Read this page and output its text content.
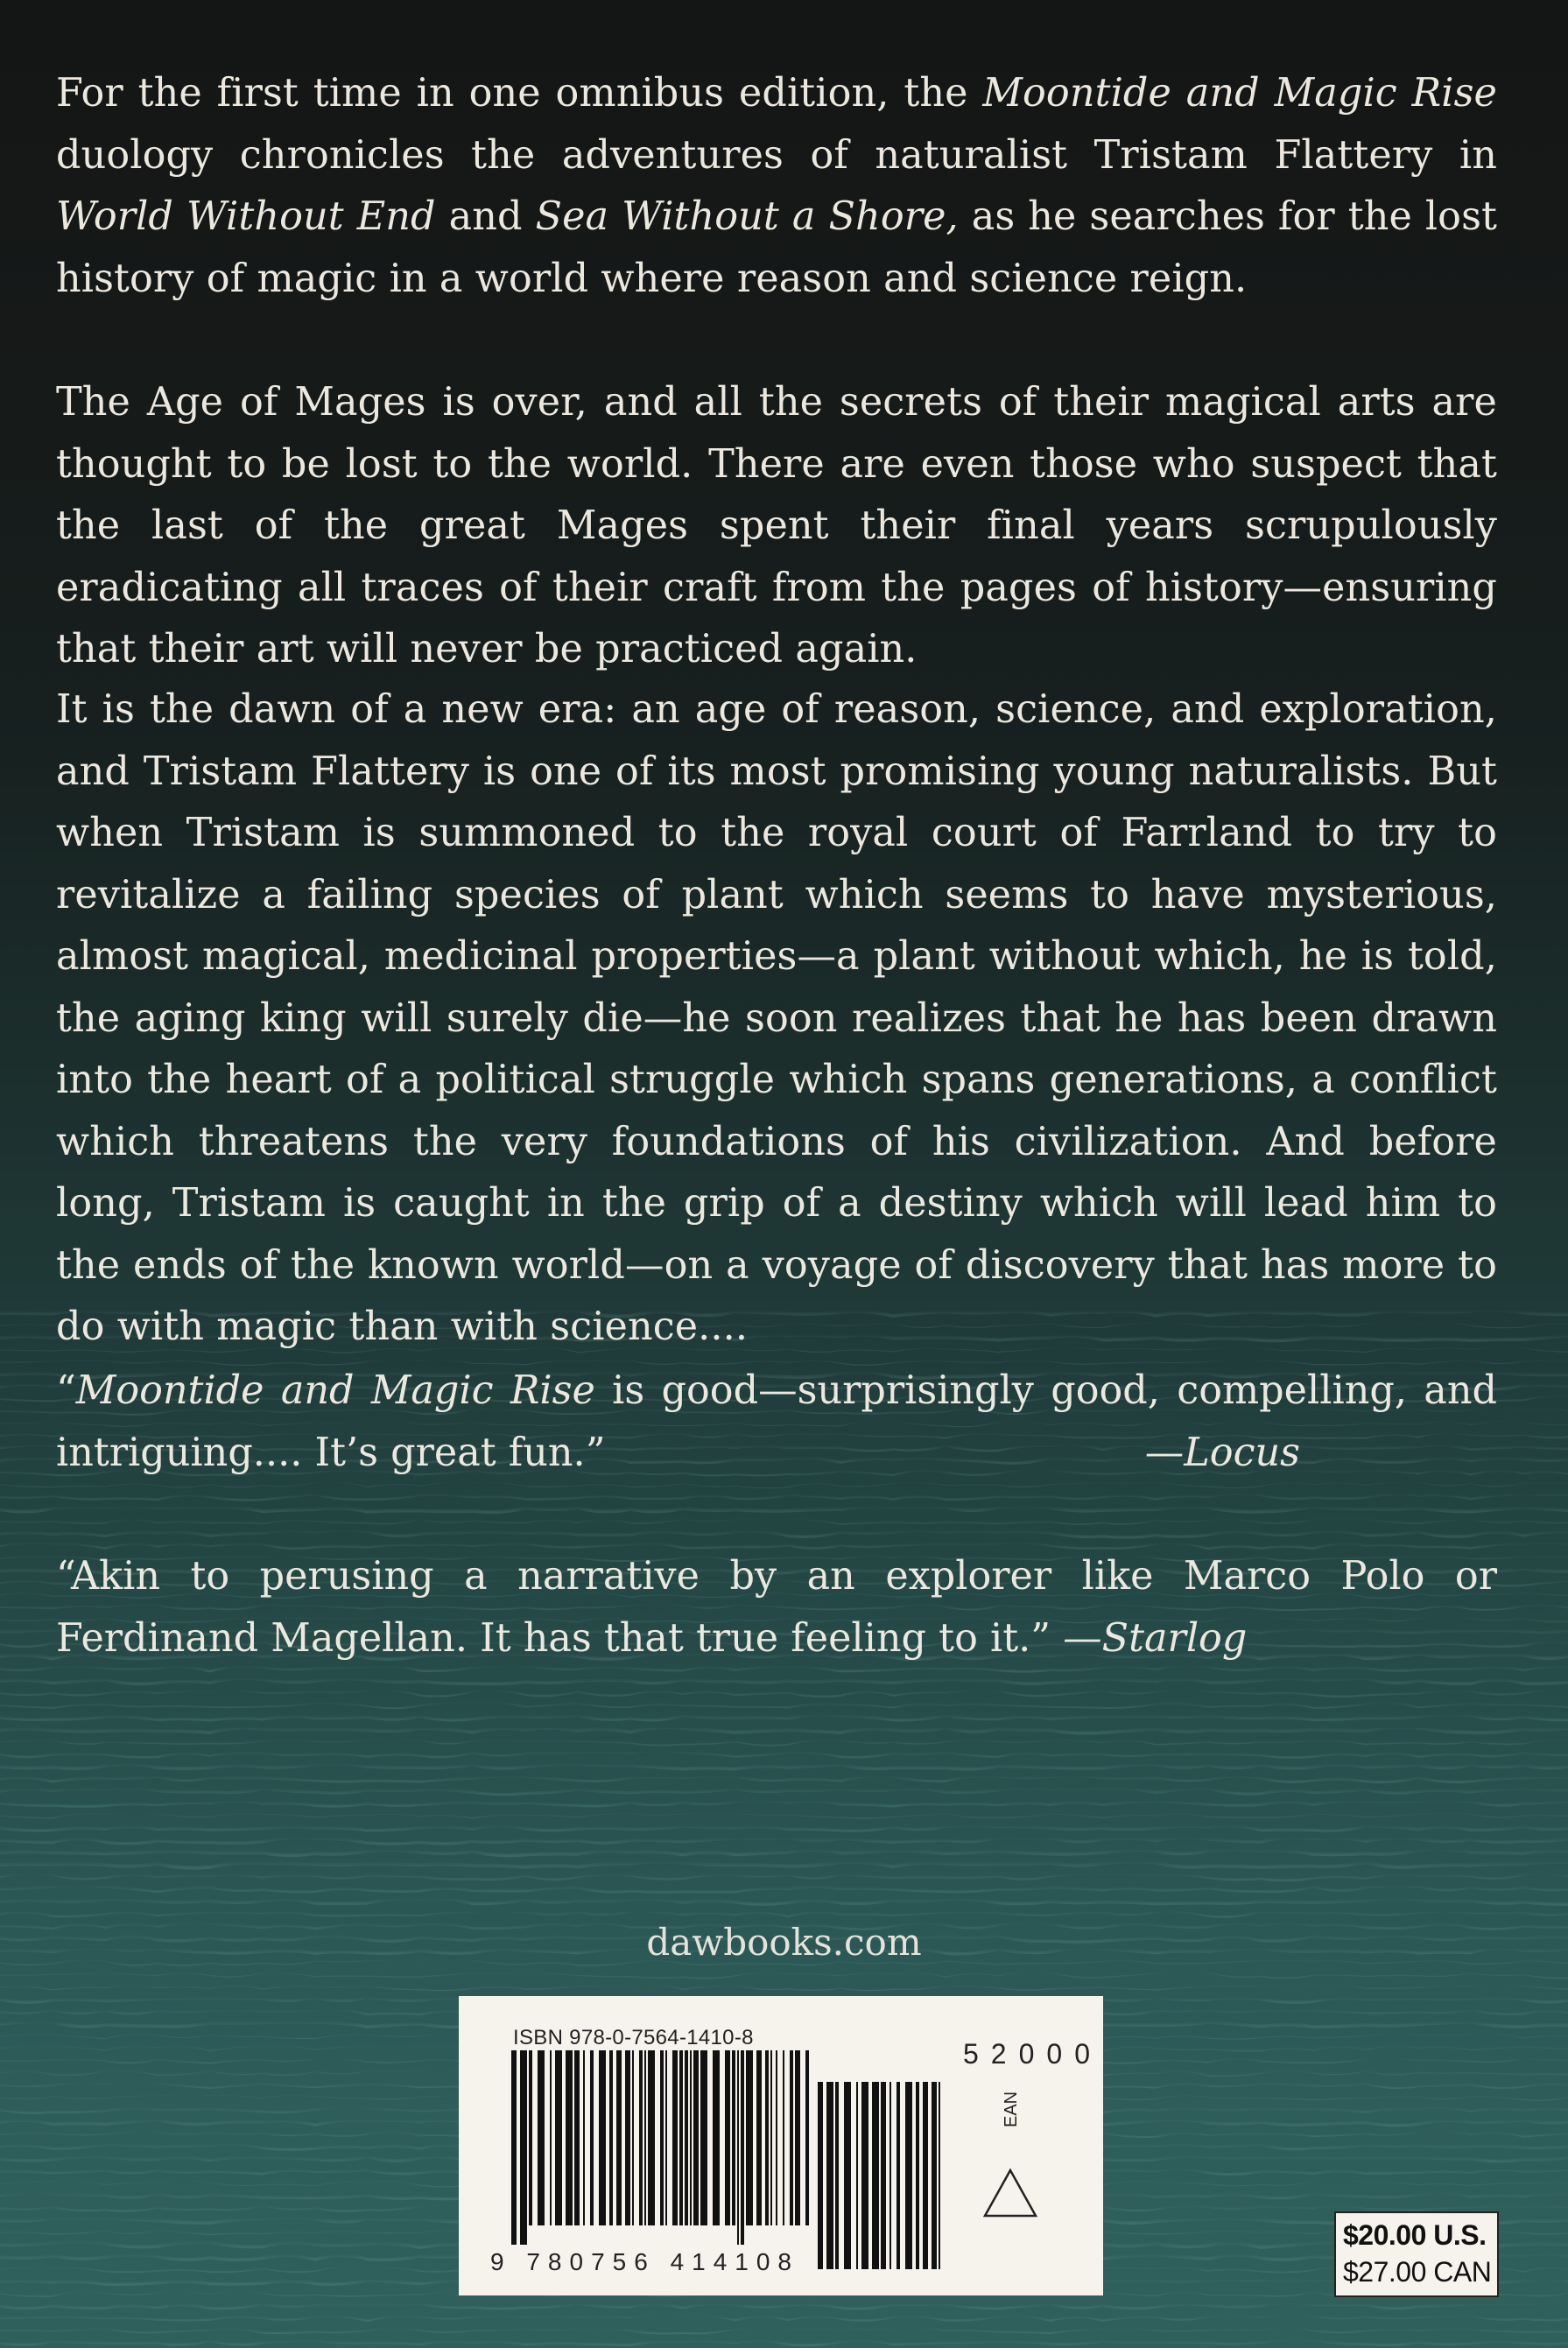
For the first time in one omnibus edition, the Moontide and Magic Rise duology chronicles the adventures of naturalist Tristam Flattery in World Without End and Sea Without a Shore, as he searches for the lost history of magic in a world where reason and science reign.

The Age of Mages is over, and all the secrets of their magical arts are thought to be lost to the world. There are even those who suspect that the last of the great Mages spent their final years scrupulously eradicating all traces of their craft from the pages of history—ensuring that their art will never be practiced again.

It is the dawn of a new era: an age of reason, science, and exploration, and Tristam Flattery is one of its most promising young naturalists. But when Tristam is summoned to the royal court of Farrland to try to revitalize a failing species of plant which seems to have mysterious, almost magical, medicinal properties—a plant without which, he is told, the aging king will surely die—he soon realizes that he has been drawn into the heart of a political struggle which spans generations, a conflict which threatens the very foundations of his civilization. And before long, Tristam is caught in the grip of a destiny which will lead him to the ends of the known world—on a voyage of discovery that has more to do with magic than with science....

“Moontide and Magic Rise is good—surprisingly good, compelling, and intriguing.... It’s great fun.”	—Locus

“Akin to perusing a narrative by an explorer like Marco Polo or Ferdinand Magellan. It has that true feeling to it.” —Starlog

dawbooks.com
ISBN 978-0-7564-1410-8
9 780756 414108
52000
EAN
$20.00 U.S.
$27.00 CAN
